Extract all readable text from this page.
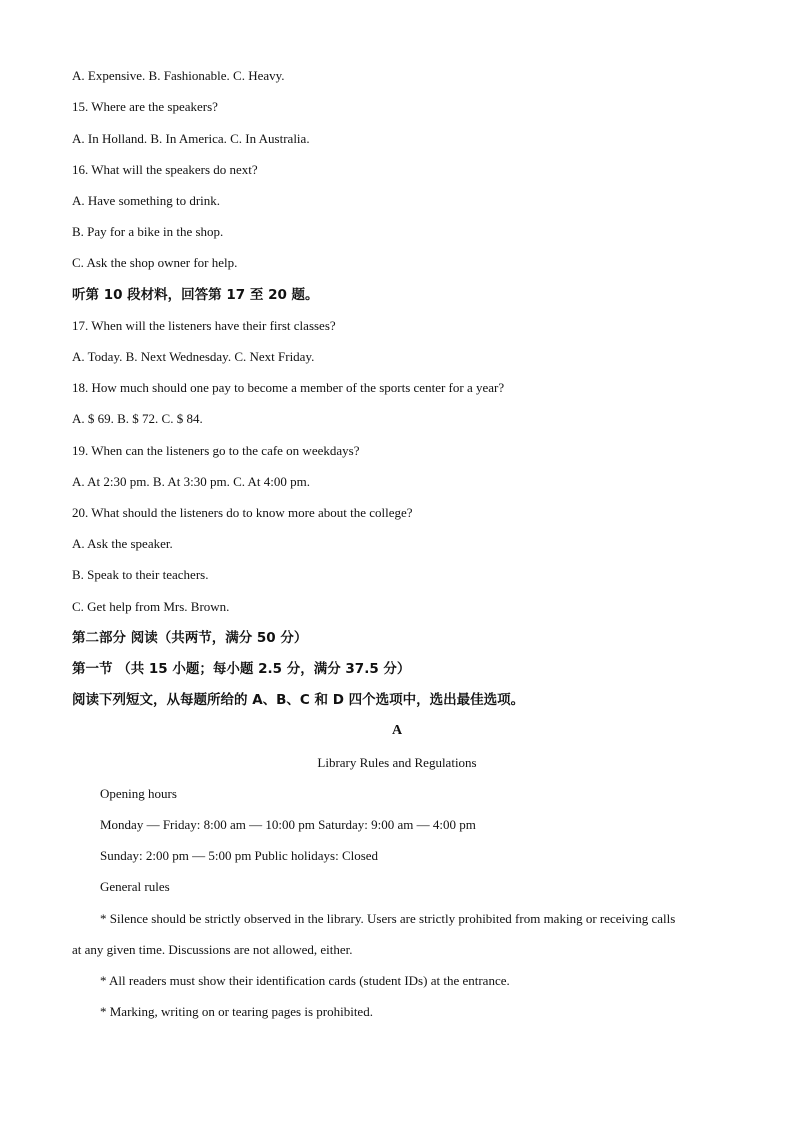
A. Expensive. B. Fashionable. C. Heavy.
15. Where are the speakers?
A. In Holland. B. In America. C. In Australia.
16. What will the speakers do next?
A. Have something to drink.
B. Pay for a bike in the shop.
C. Ask the shop owner for help.
听第 10 段材料，回答第 17 至 20 题。
17. When will the listeners have their first classes?
A. Today. B. Next Wednesday. C. Next Friday.
18. How much should one pay to become a member of the sports center for a year?
A. $ 69. B. $ 72. C. $ 84.
19. When can the listeners go to the cafe on weekdays?
A. At 2:30 pm. B. At 3:30 pm. C. At 4:00 pm.
20. What should the listeners do to know more about the college?
A. Ask the speaker.
B. Speak to their teachers.
C. Get help from Mrs. Brown.
第二部分 阅读（共两节，满分 50 分）
第一节 （共 15 小题；每小题 2.5 分，满分 37.5 分）
阅读下列短文，从每题所给的 A、B、C 和 D 四个选项中，选出最佳选项。
A
Library Rules and Regulations
Opening hours
Monday — Friday: 8:00 am — 10:00 pm Saturday: 9:00 am — 4:00 pm
Sunday: 2:00 pm — 5:00 pm Public holidays: Closed
General rules
* Silence should be strictly observed in the library. Users are strictly prohibited from making or receiving calls
at any given time. Discussions are not allowed, either.
* All readers must show their identification cards (student IDs) at the entrance.
* Marking, writing on or tearing pages is prohibited.
